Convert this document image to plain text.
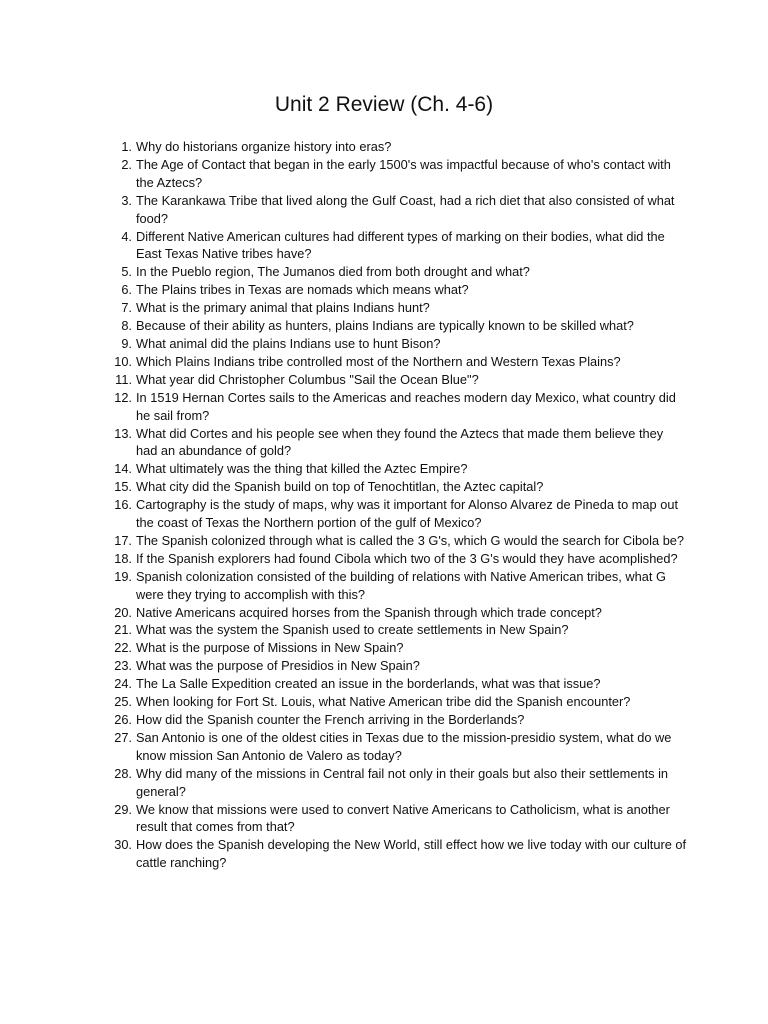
Unit 2 Review (Ch. 4-6)
1. Why do historians organize history into eras?
2. The Age of Contact that began in the early 1500's was impactful because of who's contact with the Aztecs?
3. The Karankawa Tribe that lived along the Gulf Coast, had a rich diet that also consisted of what food?
4. Different Native American cultures had different types of marking on their bodies, what did the East Texas Native tribes have?
5. In the Pueblo region, The Jumanos died from both drought and what?
6. The Plains tribes in Texas are nomads which means what?
7. What is the primary animal that plains Indians hunt?
8. Because of their ability as hunters, plains Indians are typically known to be skilled what?
9. What animal did the plains Indians use to hunt Bison?
10. Which Plains Indians tribe controlled most of the Northern and Western Texas Plains?
11. What year did Christopher Columbus "Sail the Ocean Blue"?
12. In 1519 Hernan Cortes sails to the Americas and reaches modern day Mexico, what country did he sail from?
13. What did Cortes and his people see when they found the Aztecs that made them believe they had an abundance of gold?
14. What ultimately was the thing that killed the Aztec Empire?
15. What city did the Spanish build on top of Tenochtitlan, the Aztec capital?
16. Cartography is the study of maps, why was it important for Alonso Alvarez de Pineda to map out the coast of Texas the Northern portion of the gulf of Mexico?
17. The Spanish colonized through what is called the 3 G's, which G would the search for Cibola be?
18. If the Spanish explorers had found Cibola which two of the 3 G's would they have acomplished?
19. Spanish colonization consisted of the building of relations with Native American tribes, what G were they trying to accomplish with this?
20. Native Americans acquired horses from the Spanish through which trade concept?
21. What was the system the Spanish used to create settlements in New Spain?
22. What is the purpose of Missions in New Spain?
23. What was the purpose of Presidios in New Spain?
24. The La Salle Expedition created an issue in the borderlands, what was that issue?
25. When looking for Fort St. Louis, what Native American tribe did the Spanish encounter?
26. How did the Spanish counter the French arriving in the Borderlands?
27. San Antonio is one of the oldest cities in Texas due to the mission-presidio system, what do we know mission San Antonio de Valero as today?
28. Why did many of the missions in Central fail not only in their goals but also their settlements in general?
29. We know that missions were used to convert Native Americans to Catholicism, what is another result that comes from that?
30. How does the Spanish developing the New World, still effect how we live today with our culture of cattle ranching?
